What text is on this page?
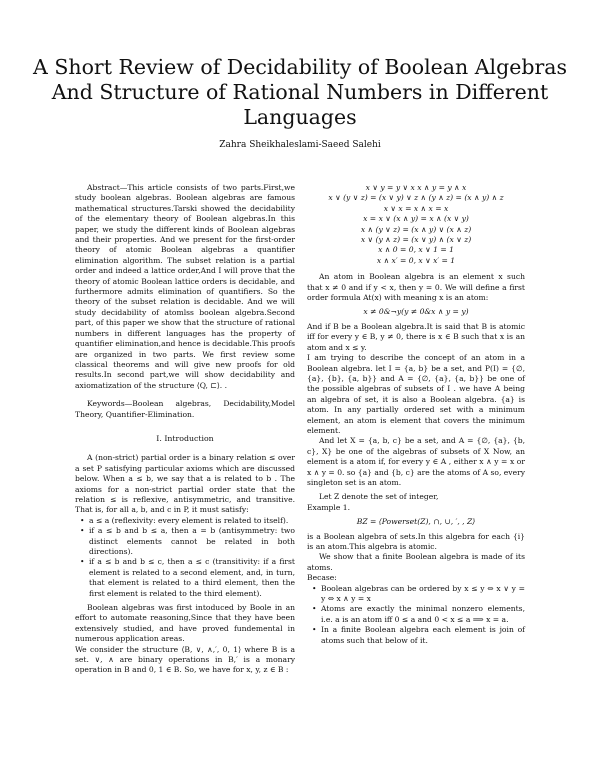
A Short Review of Decidability of Boolean Algebras And Structure of Rational Numbers in Different Languages
Zahra Sheikhaleslami-Saeed Salehi

Abstract—This article consists of two parts.First,we study boolean algebras. Boolean algebras are famous mathematical structures.Tarski showed the decidability of the elementary theory of Boolean algebras.In this paper, we study the different kinds of Boolean algebras and their properties. And we present for the first-order theory of atomic Boolean algebras a quantifier elimination algorithm. The subset relation is a partial order and indeed a lattice order,And I will prove that the theory of atomic Boolean lattice orders is decidable, and furthermore admits elimination of quantifiers. So the theory of the subset relation is decidable. And we will study decidability of atomlss boolean algebra.Second part, of this paper we show that the structure of rational numbers in different languages has the property of quantifier elimination,and hence is decidable.This proofs are organized in two parts. We first review some classical theorems and will give new proofs for old results.In second part,we will show decidability and axiomatization of the structure ⟨Q, ⊏⟩. .

Keywords—Boolean algebras, Decidability,Model Theory, Quantifier-Elimination.

I. Introduction

A (non-strict) partial order is a binary relation ≤ over a set P satisfying particular axioms which are discussed below. When a ≤ b, we say that a is related to b . The axioms for a non-strict partial order state that the relation ≤ is reflexive, antisymmetric, and transitive. That is, for all a, b, and c in P, it must satisfy:

• a ≤ a (reflexivity: every element is related to itself).
• if a ≤ b and b ≤ a, then a = b (antisymmetry: two distinct elements cannot be related in both directions).
• if a ≤ b and b ≤ c, then a ≤ c (transitivity: if a first element is related to a second element, and, in turn, that element is related to a third element, then the first element is related to the third element).

Boolean algebras was first intoduced by Boole in an effort to automate reasoning,Since that they have been extensively studied, and have proved fundemental in numerous application areas.

We consider the structure ⟨B, ∨, ∧,′, 0, 1⟩ where B is a set. ∨, ∧ are binary operations in B,′ is a monary operation in B and 0, 1 ∈ B. So, we have for x, y, z ∈ B :

x ∨ y = y ∨ x x ∧ y = y ∧ x
x ∨ (y ∨ z) = (x ∨ y) ∨ z ∧ (y ∧ z) = (x ∧ y) ∧ z
x ∨ x = x ∧ x = x
x = x ∨ (x ∧ y) = x ∧ (x ∨ y)
x ∧ (y ∨ z) = (x ∧ y) ∨ (x ∧ z)
x ∨ (y ∧ z) = (x ∨ y) ∧ (x ∨ z)
x ∧ 0 = 0, x ∨ 1 = 1
x ∧ x′ = 0, x ∨ x′ = 1

An atom in Boolean algebra is an element x such that x ≠ 0 and if y < x, then y = 0. We will define a first order formula At(x) with meaning x is an atom:

x ≠ 0&¬y(y ≠ 0&x ∧ y = y)

And if B be a Boolean algebra.It is said that B is atomic iff for every y ∈ B, y ≠ 0, there is x ∈ B such that x is an atom and x ≤ y.

I am trying to describe the concept of an atom in a Boolean algebra. let I = {a, b} be a set, and P(I) = {∅, {a}, {b}, {a, b}} and A = {∅, {a}, {a, b}} be one of the possible algebras of subsets of I . we have A being an algebra of set, it is also a Boolean algebra. {a} is atom. In any partially ordered set with a minimum element, an atom is element that covers the minimum element.

And let X = {a, b, c} be a set, and A = {∅, {a}, {b, c}, X} be one of the algebras of subsets of X Now, an element is a atom if, for every y ∈ A , either x ∧ y = x or x ∧ y = 0. so {a} and {b, c} are the atoms of A so, every singleton set is an atom.

Let Z denote the set of integer,

Example 1.

BZ = ⟨Powerset(Z), ∩, ∪, ′, , Z⟩

is a Boolean algebra of sets.In this algebra for each {i} is an atom.This algebra is atomic.

We show that a finite Boolean algebra is made of its atoms.

Becase:

• Boolean algebras can be ordered by x ≤ y ⇔ x ∨ y = y ⇔ x ∧ y = x
• Atoms are exactly the minimal nonzero elements, i.e. a is an atom iff 0 ≤ a and 0 < x ≤ a ⟹ x = a.
• In a finite Boolean algebra each element is join of atoms such that below of it.
